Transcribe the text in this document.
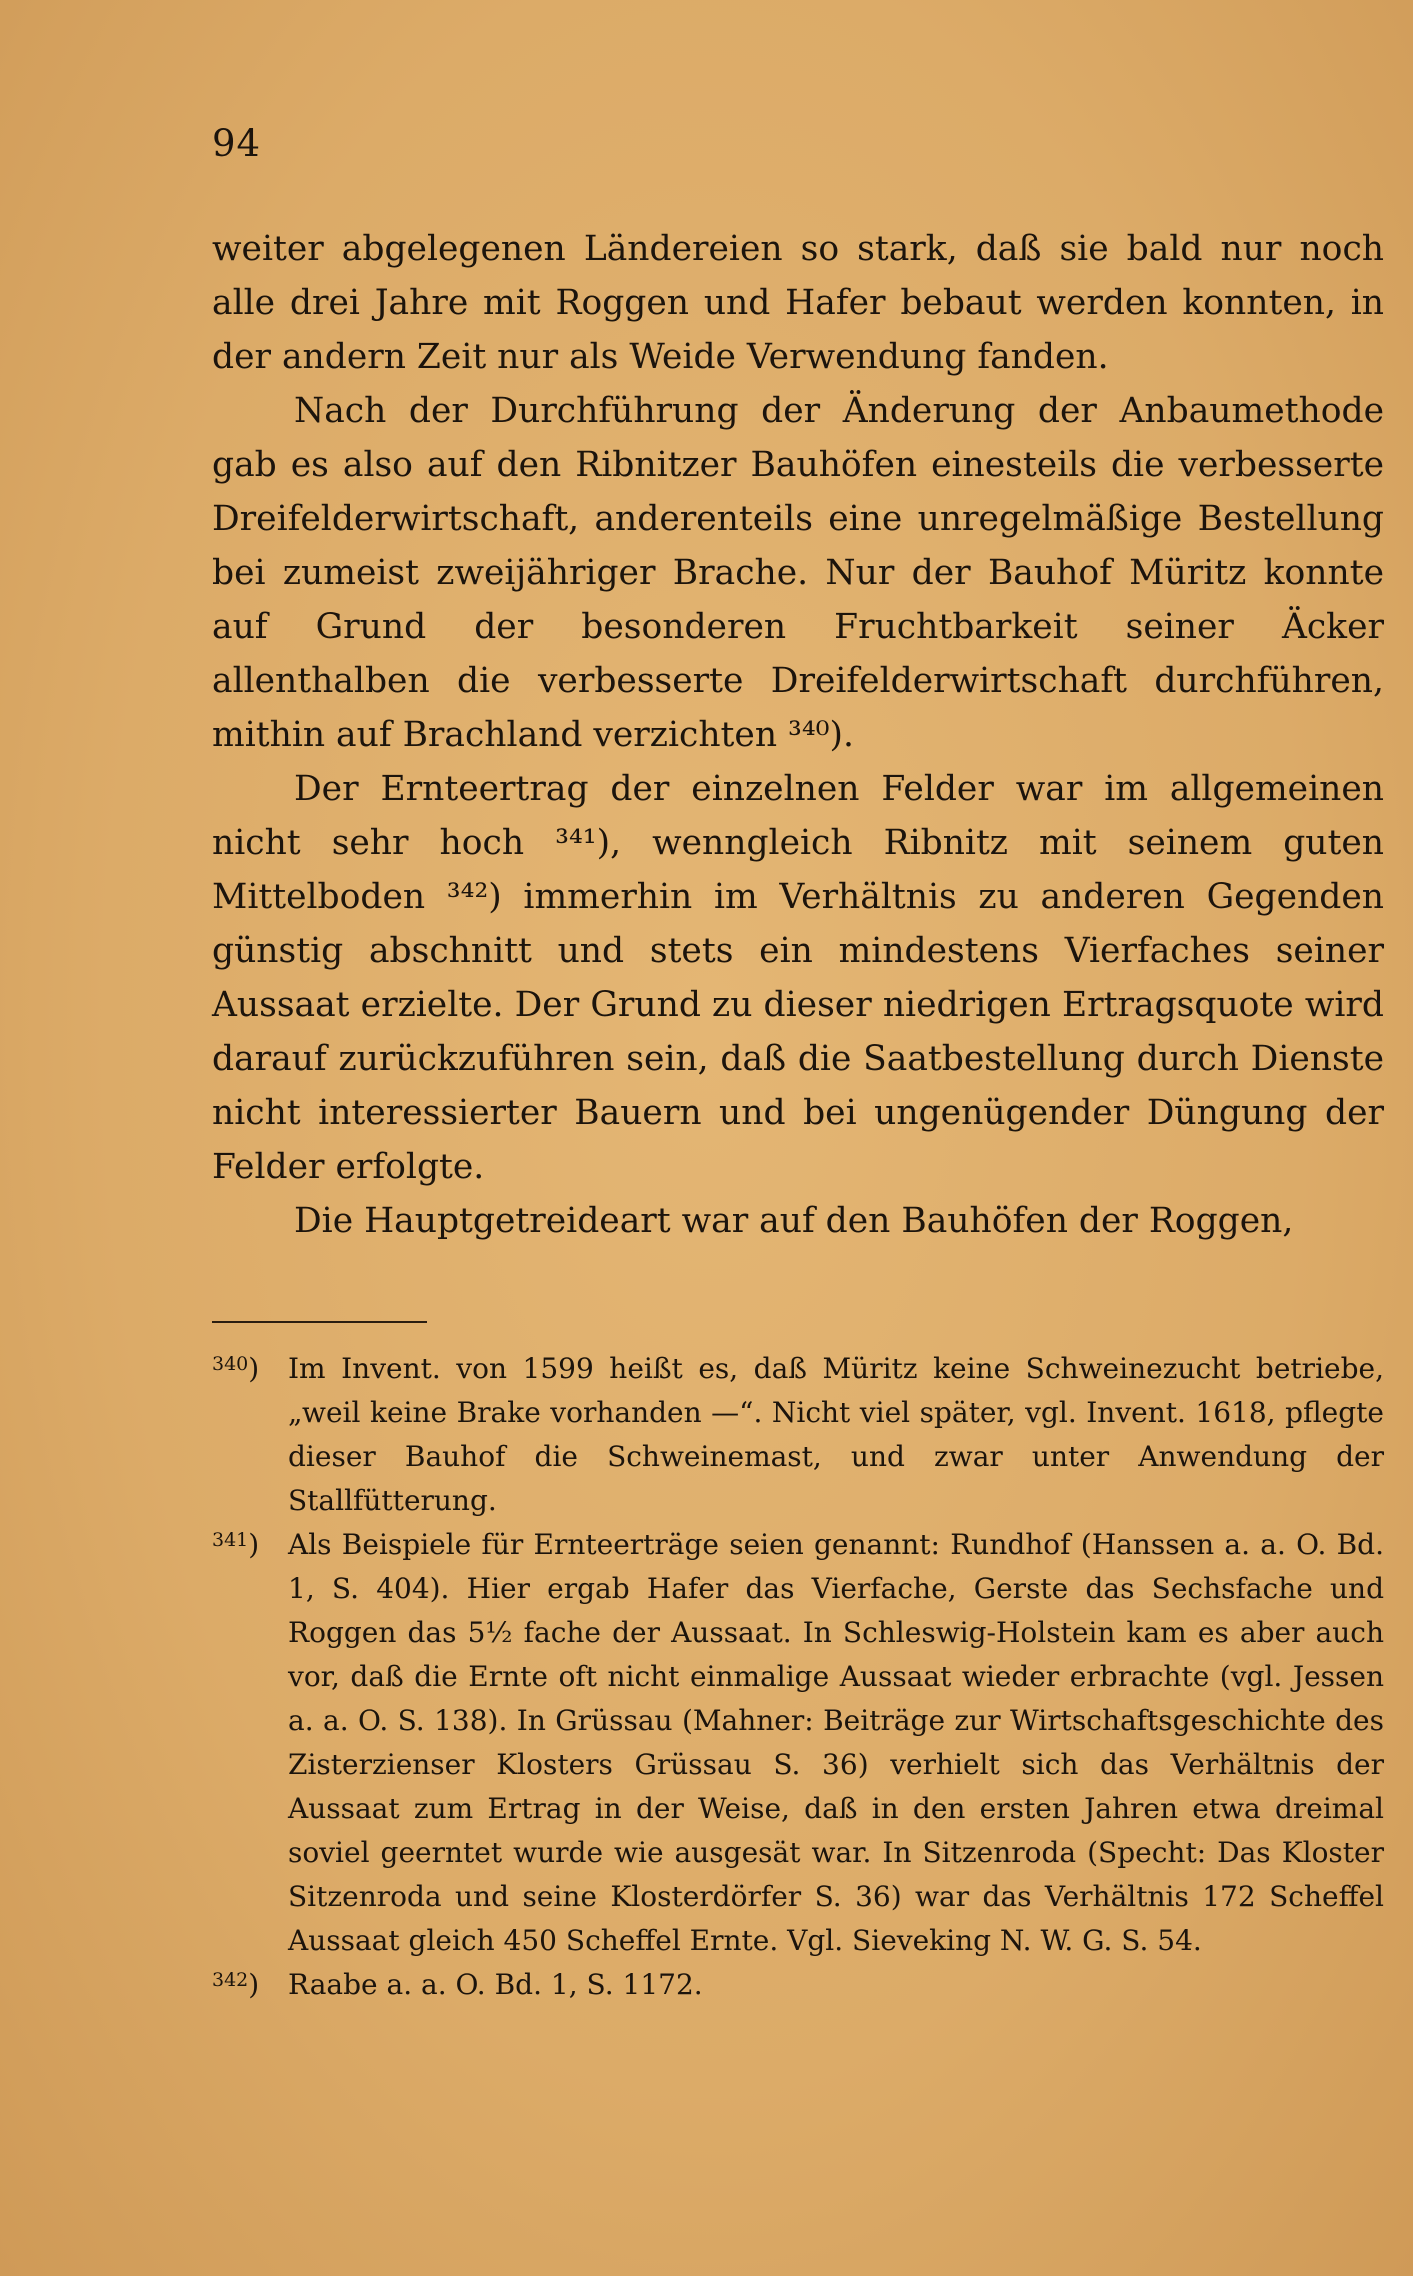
94

weiter abgelegenen Ländereien so stark, daß sie bald nur noch alle drei Jahre mit Roggen und Hafer bebaut werden konnten, in der andern Zeit nur als Weide Verwendung fanden.

Nach der Durchführung der Änderung der Anbaumethode gab es also auf den Ribnitzer Bauhöfen einesteils die verbesserte Dreifelderwirtschaft, anderenteils eine unregelmäßige Bestellung bei zumeist zweijähriger Brache. Nur der Bauhof Müritz konnte auf Grund der besonderen Fruchtbarkeit seiner Äcker allenthalben die verbesserte Dreifelderwirtschaft durchführen, mithin auf Brachland verzichten ³⁴⁰).

Der Ernteertrag der einzelnen Felder war im allgemeinen nicht sehr hoch ³⁴¹), wenngleich Ribnitz mit seinem guten Mittelboden ³⁴²) immerhin im Verhältnis zu anderen Gegenden günstig abschnitt und stets ein mindestens Vierfaches seiner Aussaat erzielte. Der Grund zu dieser niedrigen Ertragsquote wird darauf zurückzuführen sein, daß die Saatbestellung durch Dienste nicht interessierter Bauern und bei ungenügender Düngung der Felder erfolgte.

Die Hauptgetreideart war auf den Bauhöfen der Roggen,

$^{340}$) Im Invent. von 1599 heißt es, daß Müritz keine Schweinezucht betriebe, „weil keine Brake vorhanden —“. Nicht viel später, vgl. Invent. 1618, pflegte dieser Bauhof die Schweinemast, und zwar unter Anwendung der Stallfütterung.

$^{341}$) Als Beispiele für Ernteerträge seien genannt: Rundhof (Hanssen a. a. O. Bd. 1, S. 404). Hier ergab Hafer das Vierfache, Gerste das Sechsfache und Roggen das 5½ fache der Aussaat. In Schleswig-Holstein kam es aber auch vor, daß die Ernte oft nicht einmalige Aussaat wieder erbrachte (vgl. Jessen a. a. O. S. 138). In Grüssau (Mahner: Beiträge zur Wirtschaftsgeschichte des Zisterzienser Klosters Grüssau S. 36) verhielt sich das Verhältnis der Aussaat zum Ertrag in der Weise, daß in den ersten Jahren etwa dreimal soviel geerntet wurde wie ausgesät war. In Sitzenroda (Specht: Das Kloster Sitzenroda und seine Klosterdörfer S. 36) war das Verhältnis 172 Scheffel Aussaat gleich 450 Scheffel Ernte. Vgl. Sieveking N. W. G. S. 54.

$^{342}$) Raabe a. a. O. Bd. 1, S. 1172.
